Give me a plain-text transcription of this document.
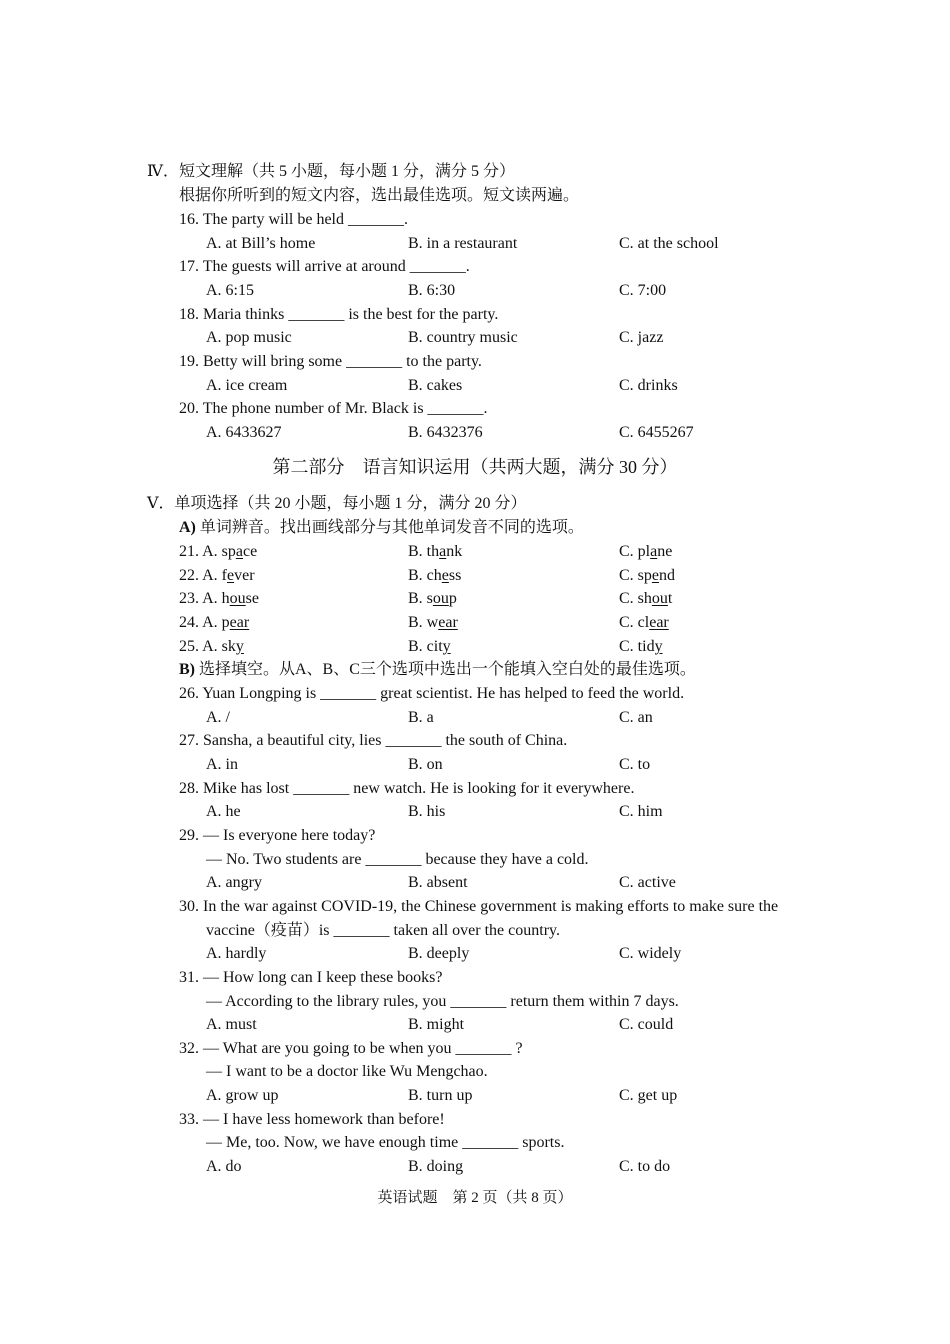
Ⅳ．短文理解（共 5 小题，每小题 1 分，满分 5 分）
根据你所听到的短文内容，选出最佳选项。短文读两遍。
16. The party will be held _______.
A. at Bill’s home	B. in a restaurant	C. at the school
17. The guests will arrive at around _______.
A. 6:15	B. 6:30	C. 7:00
18. Maria thinks _______ is the best for the party.
A. pop music	B. country music	C. jazz
19. Betty will bring some _______ to the party.
A. ice cream	B. cakes	C. drinks
20. The phone number of Mr. Black is _______.
A. 6433627	B. 6432376	C. 6455267
第二部分　语言知识运用（共两大题，满分 30 分）
Ⅴ．单项选择（共 20 小题，每小题 1 分，满分 20 分）
A) 单词辨音。找出画线部分与其他单词发音不同的选项。
21. A. space	B. thank	C. plane
22. A. fever	B. chess	C. spend
23. A. house	B. soup	C. shout
24. A. pear	B. wear	C. clear
25. A. sky	B. city	C. tidy
B) 选择填空。从A、B、C三个选项中选出一个能填入空白处的最佳选项。
26. Yuan Longping is _______ great scientist. He has helped to feed the world.
A. /	B. a	C. an
27. Sansha, a beautiful city, lies _______ the south of China.
A. in	B. on	C. to
28. Mike has lost _______ new watch. He is looking for it everywhere.
A. he	B. his	C. him
29. — Is everyone here today?
— No. Two students are _______ because they have a cold.
A. angry	B. absent	C. active
30. In the war against COVID-19, the Chinese government is making efforts to make sure the
vaccine（疫苗）is _______ taken all over the country.
A. hardly	B. deeply	C. widely
31. — How long can I keep these books?
— According to the library rules, you _______ return them within 7 days.
A. must	B. might	C. could
32. — What are you going to be when you _______ ?
— I want to be a doctor like Wu Mengchao.
A. grow up	B. turn up	C. get up
33. — I have less homework than before!
— Me, too. Now, we have enough time _______ sports.
A. do	B. doing	C. to do
英语试题　第 2 页（共 8 页）
